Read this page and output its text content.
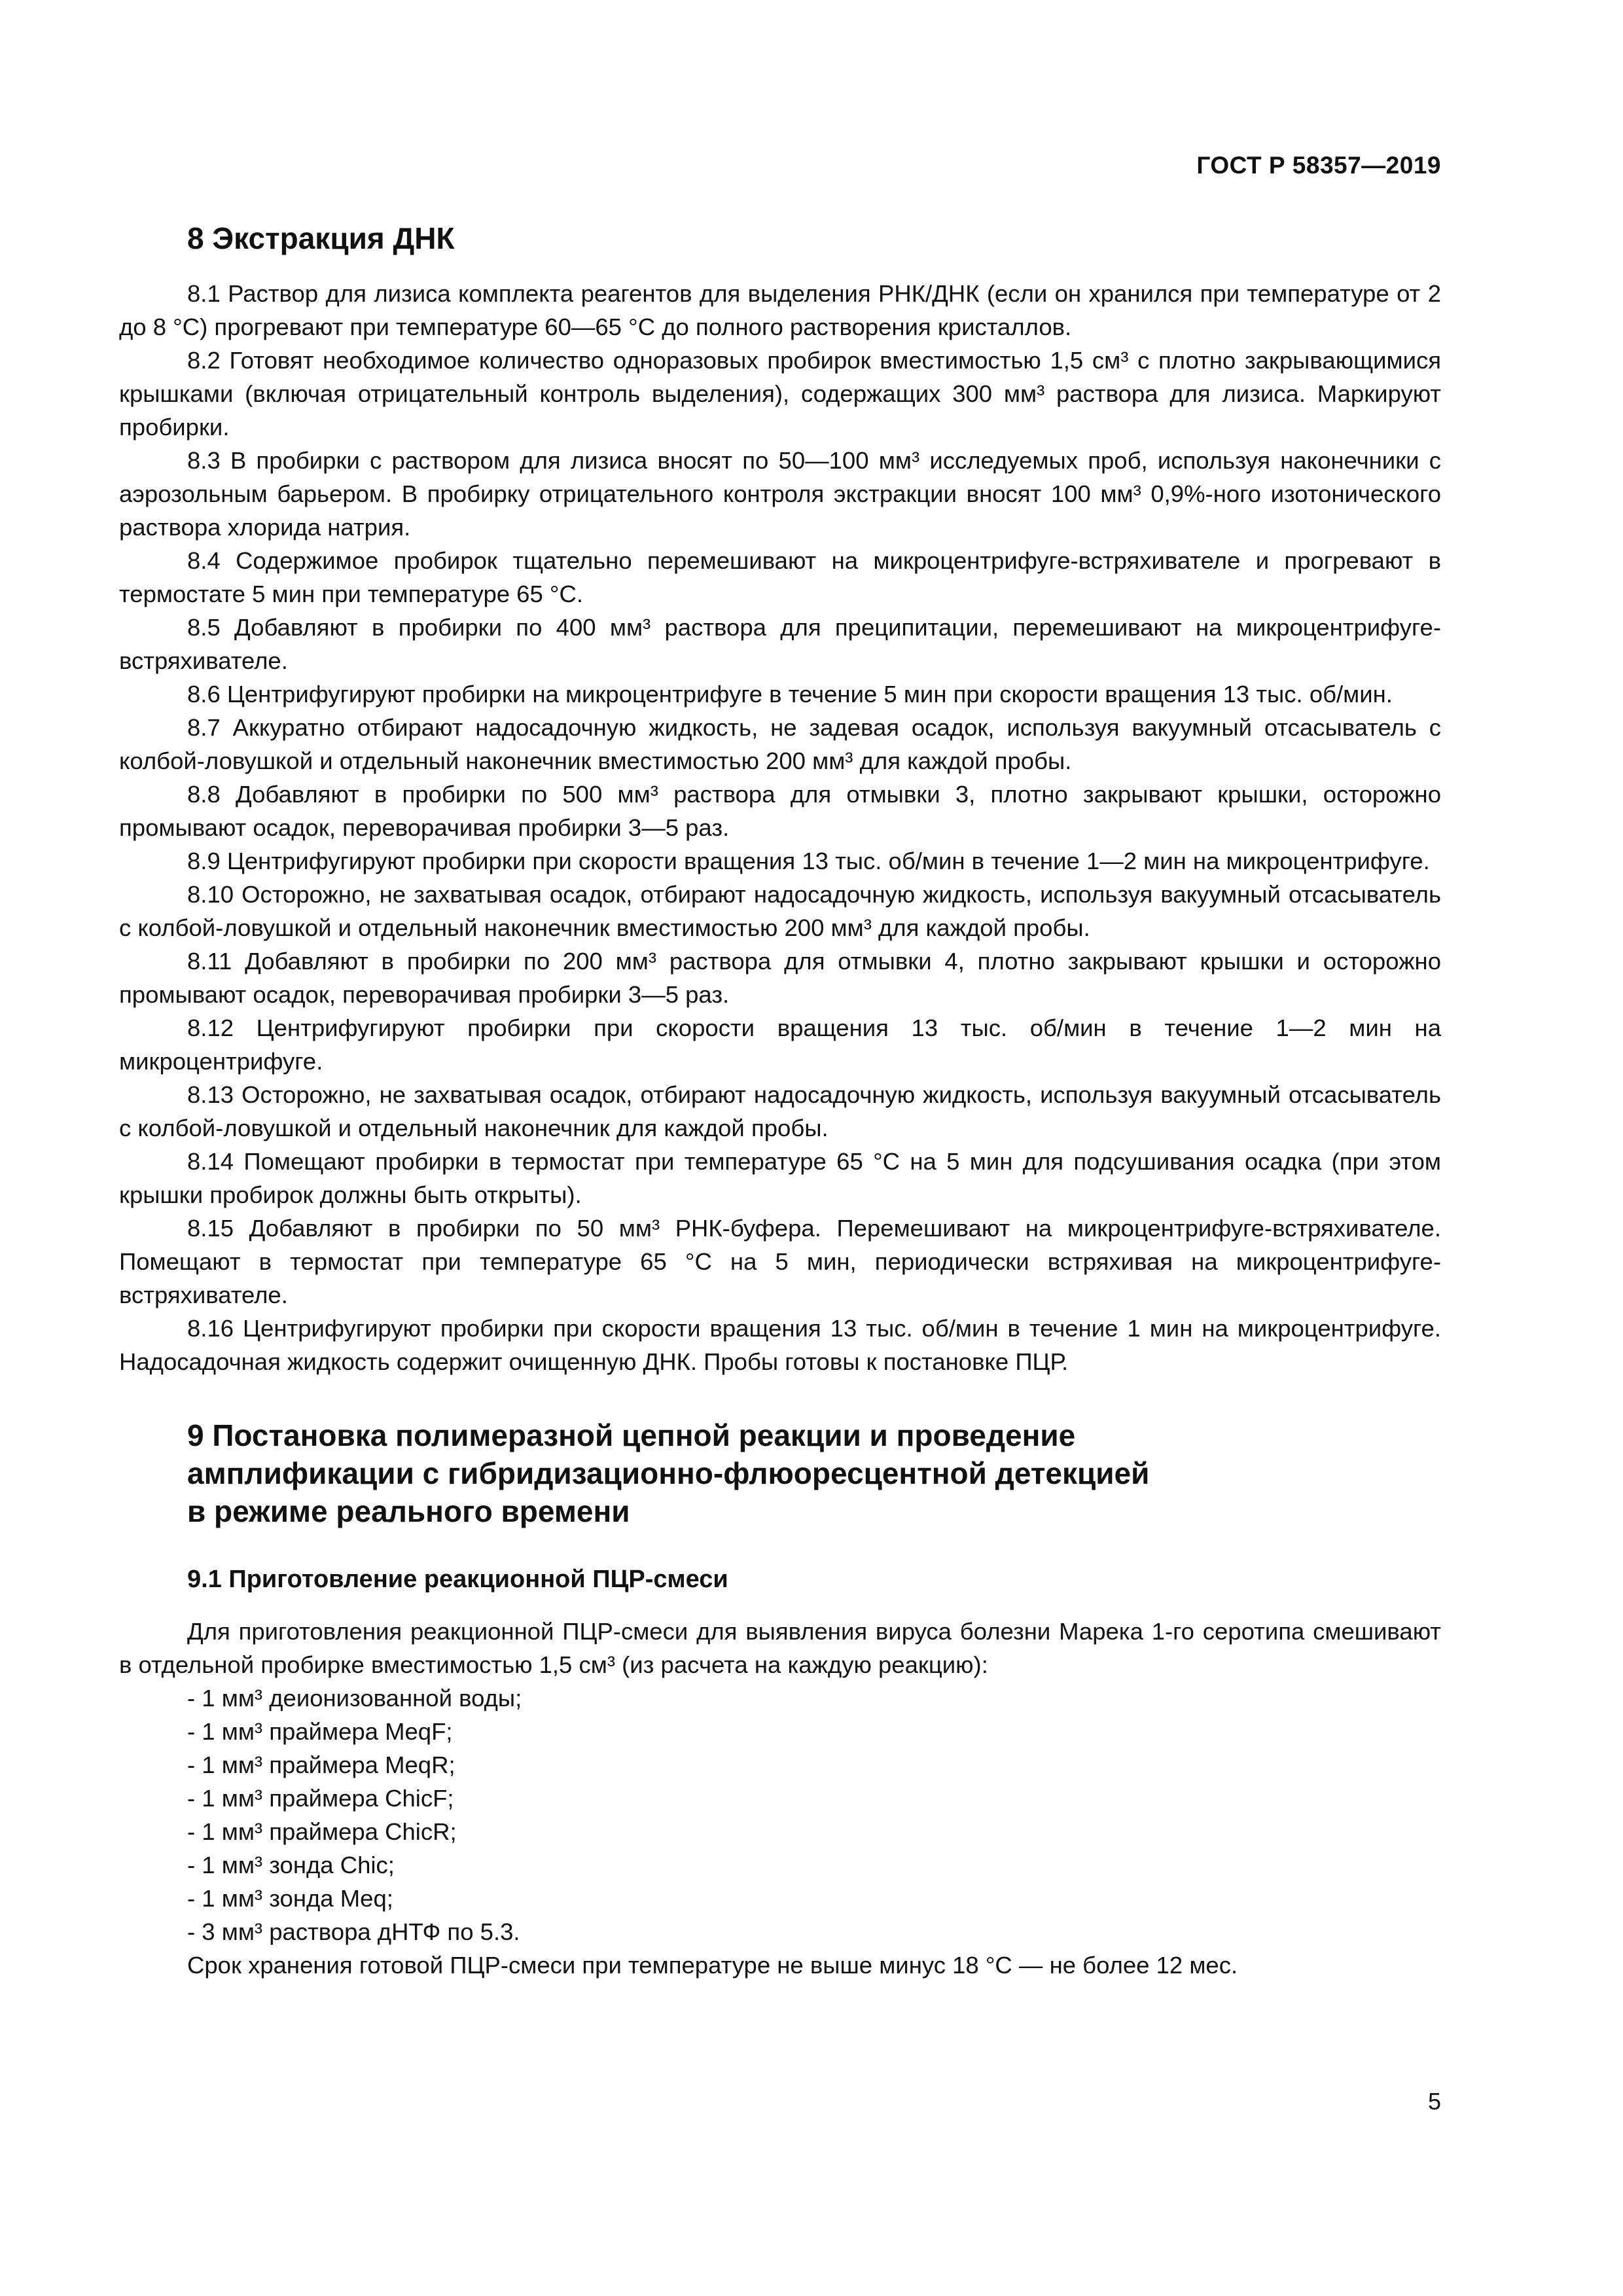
ГОСТ Р 58357—2019
8 Экстракция ДНК

8.1 Раствор для лизиса комплекта реагентов для выделения РНК/ДНК (если он хранился при температуре от 2 до 8 °С) прогревают при температуре 60—65 °С до полного растворения кристаллов.

8.2 Готовят необходимое количество одноразовых пробирок вместимостью 1,5 см³ с плотно закрывающимися крышками (включая отрицательный контроль выделения), содержащих 300 мм³ раствора для лизиса. Маркируют пробирки.

8.3 В пробирки с раствором для лизиса вносят по 50—100 мм³ исследуемых проб, используя наконечники с аэрозольным барьером. В пробирку отрицательного контроля экстракции вносят 100 мм³ 0,9%-ного изотонического раствора хлорида натрия.

8.4 Содержимое пробирок тщательно перемешивают на микроцентрифуге-встряхивателе и прогревают в термостате 5 мин при температуре 65 °С.

8.5 Добавляют в пробирки по 400 мм³ раствора для преципитации, перемешивают на микроцентрифуге-встряхивателе.

8.6 Центрифугируют пробирки на микроцентрифуге в течение 5 мин при скорости вращения 13 тыс. об/мин.

8.7 Аккуратно отбирают надосадочную жидкость, не задевая осадок, используя вакуумный отсасыватель с колбой-ловушкой и отдельный наконечник вместимостью 200 мм³ для каждой пробы.

8.8 Добавляют в пробирки по 500 мм³ раствора для отмывки 3, плотно закрывают крышки, осторожно промывают осадок, переворачивая пробирки 3—5 раз.

8.9 Центрифугируют пробирки при скорости вращения 13 тыс. об/мин в течение 1—2 мин на микроцентрифуге.

8.10 Осторожно, не захватывая осадок, отбирают надосадочную жидкость, используя вакуумный отсасыватель с колбой-ловушкой и отдельный наконечник вместимостью 200 мм³ для каждой пробы.

8.11 Добавляют в пробирки по 200 мм³ раствора для отмывки 4, плотно закрывают крышки и осторожно промывают осадок, переворачивая пробирки 3—5 раз.

8.12 Центрифугируют пробирки при скорости вращения 13 тыс. об/мин в течение 1—2 мин на микроцентрифуге.

8.13 Осторожно, не захватывая осадок, отбирают надосадочную жидкость, используя вакуумный отсасыватель с колбой-ловушкой и отдельный наконечник для каждой пробы.

8.14 Помещают пробирки в термостат при температуре 65 °С на 5 мин для подсушивания осадка (при этом крышки пробирок должны быть открыты).

8.15 Добавляют в пробирки по 50 мм³ РНК-буфера. Перемешивают на микроцентрифуге-встряхивателе. Помещают в термостат при температуре 65 °С на 5 мин, периодически встряхивая на микроцентрифуге-встряхивателе.

8.16 Центрифугируют пробирки при скорости вращения 13 тыс. об/мин в течение 1 мин на микроцентрифуге. Надосадочная жидкость содержит очищенную ДНК. Пробы готовы к постановке ПЦР.

9 Постановка полимеразной цепной реакции и проведение
амплификации с гибридизационно-флюоресцентной детекцией
в режиме реального времени
9.1 Приготовление реакционной ПЦР-смеси

Для приготовления реакционной ПЦР-смеси для выявления вируса болезни Марека 1-го серотипа смешивают в отдельной пробирке вместимостью 1,5 см³ (из расчета на каждую реакцию):

- 1 мм³ деионизованной воды;
- 1 мм³ праймера MeqF;
- 1 мм³ праймера MeqR;
- 1 мм³ праймера ChicF;
- 1 мм³ праймера ChicR;
- 1 мм³ зонда Chic;
- 1 мм³ зонда Meq;
- 3 мм³ раствора дНТФ по 5.3.

Срок хранения готовой ПЦР-смеси при температуре не выше минус 18 °С — не более 12 мес.

5
